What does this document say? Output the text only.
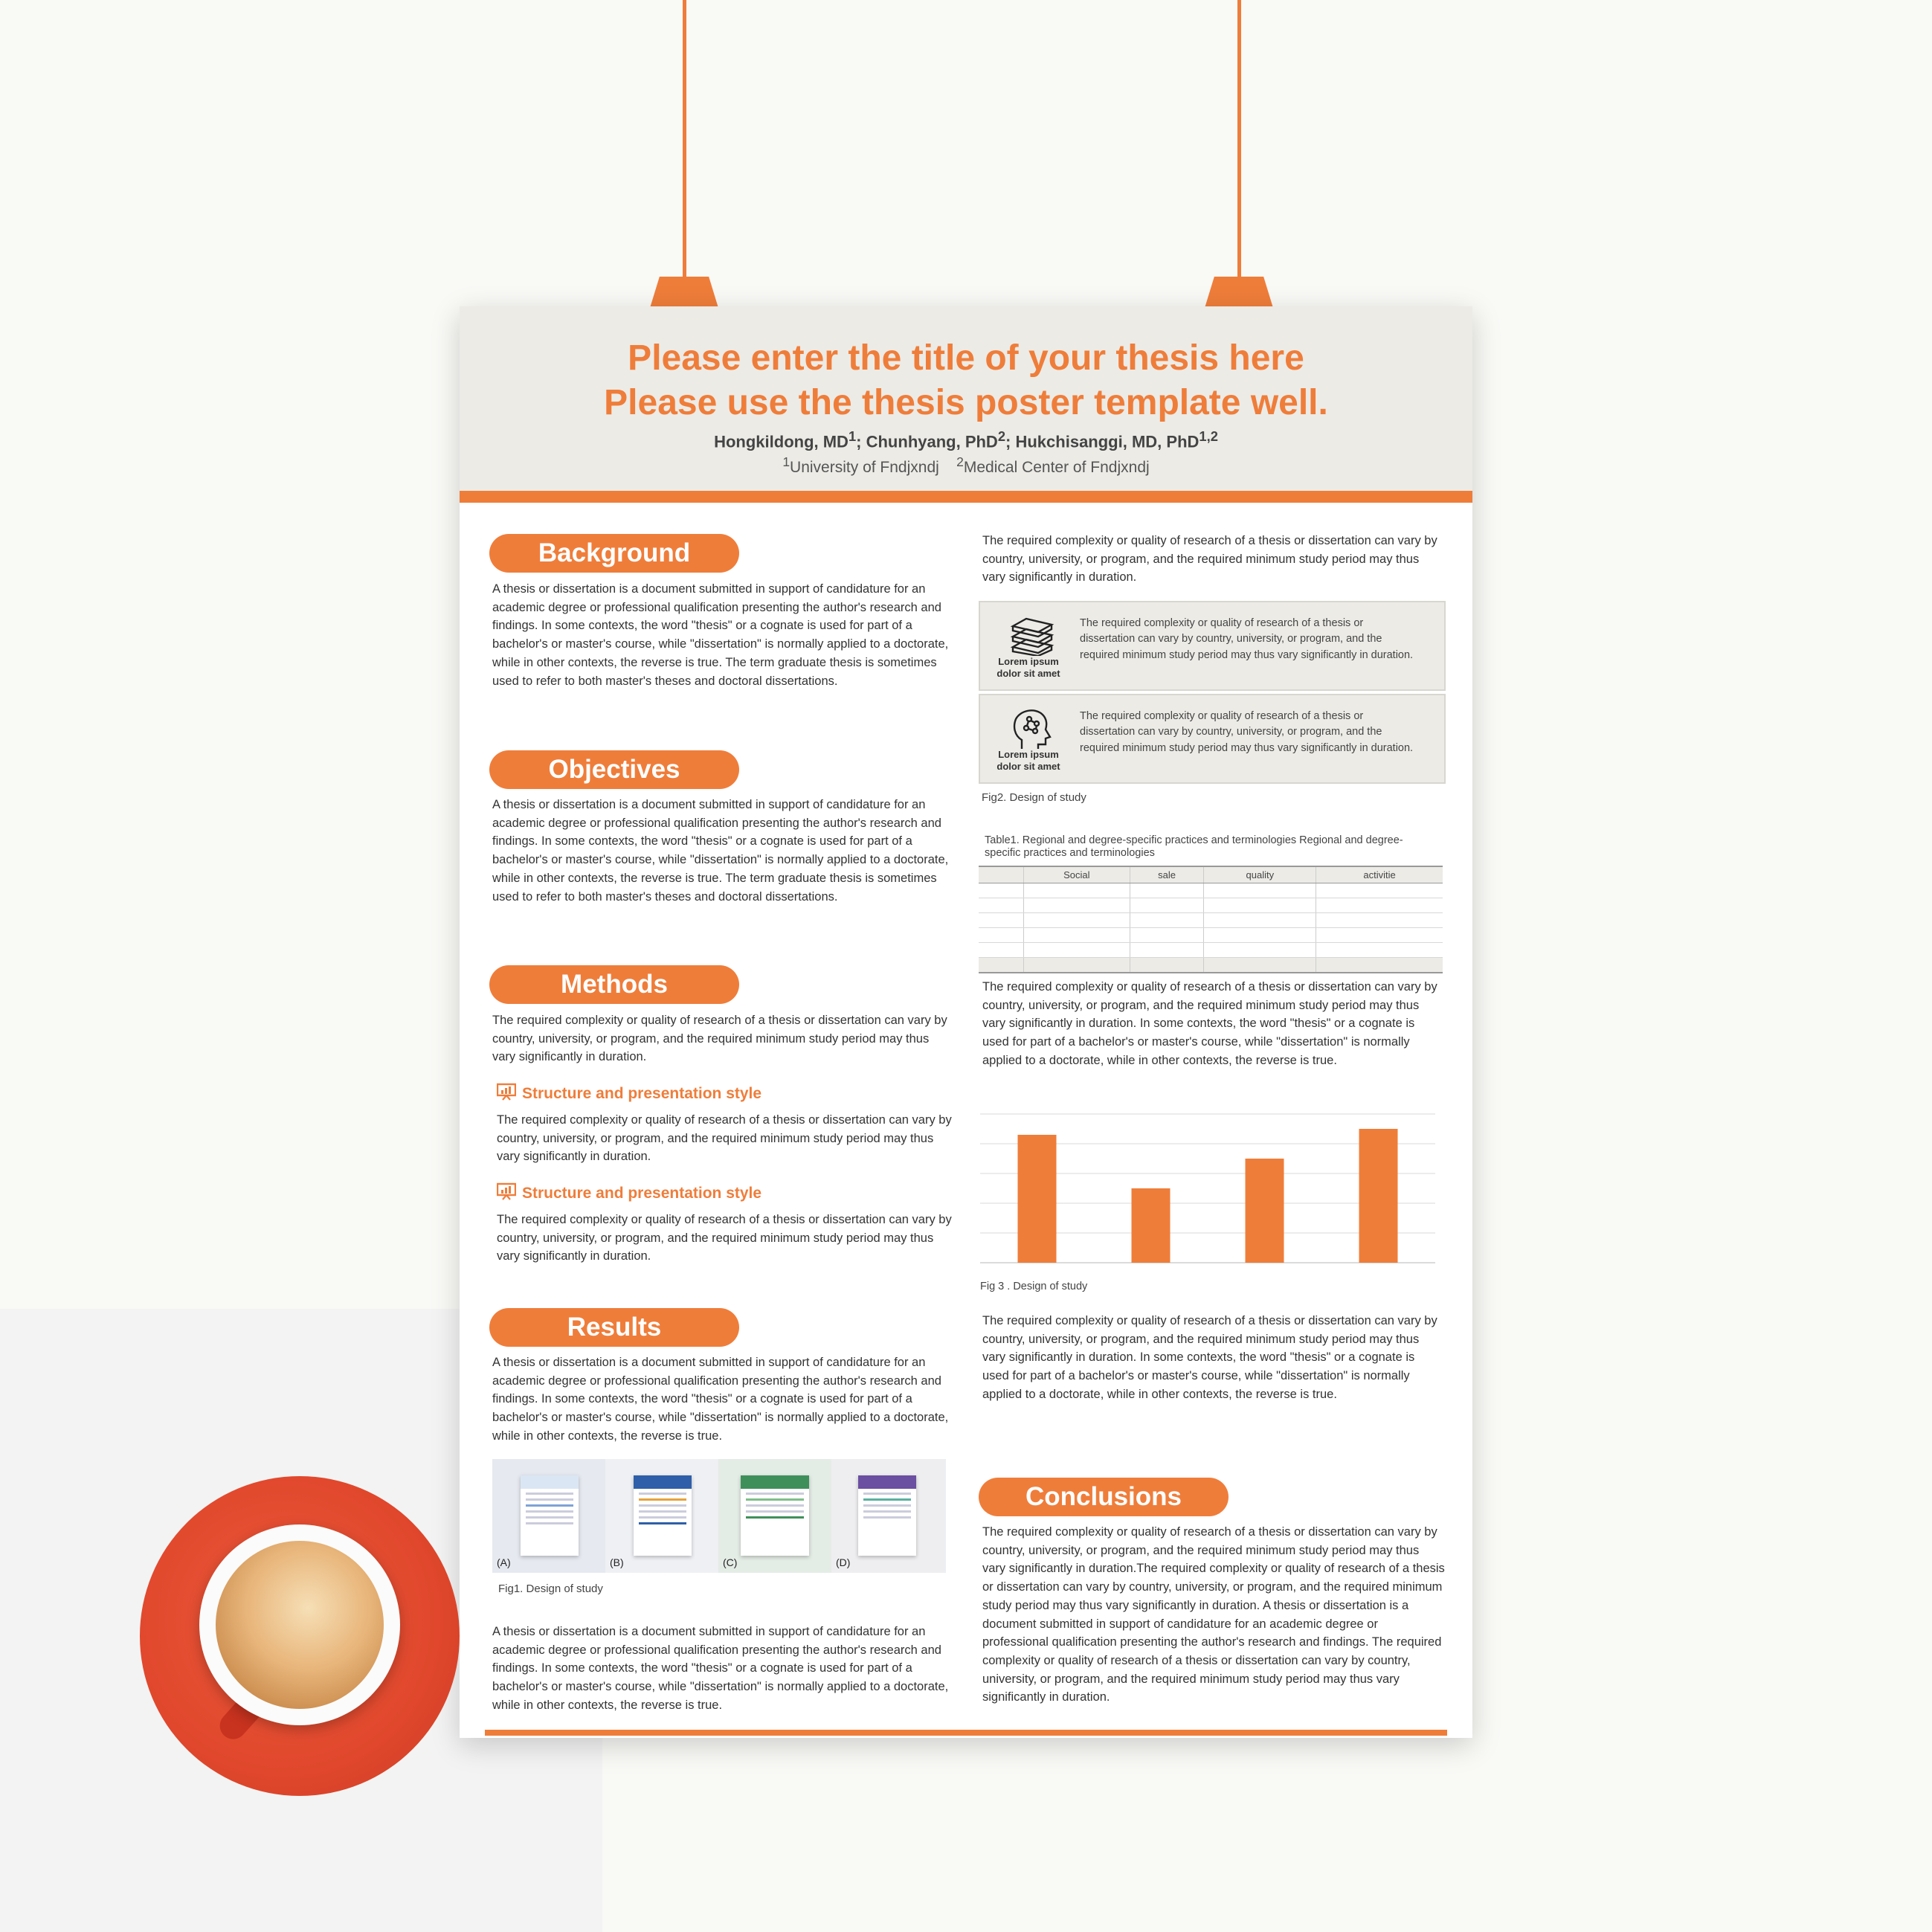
Please enter the title of your thesis here
Please use the thesis poster template well.
Hongkildong, $MD^1$; Chunhyang, PhD$^2$; Hukchisanggi, MD, PhD$^{1,2}$
$^1$University of Fndjxndj $^2$Medical Center of Fndjxndj
Background

A thesis or dissertation is a document submitted in support of candidature for an academic degree or professional qualification presenting the author's research and findings. In some contexts, the word "thesis" or a cognate is used for part of a bachelor's or master's course, while "dissertation" is normally applied to a doctorate, while in other contexts, the reverse is true. The term graduate thesis is sometimes used to refer to both master's theses and doctoral dissertations.

Objectives

A thesis or dissertation is a document submitted in support of candidature for an academic degree or professional qualification presenting the author's research and findings. In some contexts, the word "thesis" or a cognate is used for part of a bachelor's or master's course, while "dissertation" is normally applied to a doctorate, while in other contexts, the reverse is true. The term graduate thesis is sometimes used to refer to both master's theses and doctoral dissertations.

Methods

The required complexity or quality of research of a thesis or dissertation can vary by country, university, or program, and the required minimum study period may thus vary significantly in duration.

Structure and presentation style

The required complexity or quality of research of a thesis or dissertation can vary by country, university, or program, and the required minimum study period may thus vary significantly in duration.

Structure and presentation style

The required complexity or quality of research of a thesis or dissertation can vary by country, university, or program, and the required minimum study period may thus vary significantly in duration.

Results

A thesis or dissertation is a document submitted in support of candidature for an academic degree or professional qualification presenting the author's research and findings. In some contexts, the word "thesis" or a cognate is used for part of a bachelor's or master's course, while "dissertation" is normally applied to a doctorate, while in other contexts, the reverse is true.

(A)	(B)	(C)	(D)
Fig1. Design of study

A thesis or dissertation is a document submitted in support of candidature for an academic degree or professional qualification presenting the author's research and findings. In some contexts, the word "thesis" or a cognate is used for part of a bachelor's or master's course, while "dissertation" is normally applied to a doctorate, while in other contexts, the reverse is true.

The required complexity or quality of research of a thesis or dissertation can vary by country, university, or program, and the required minimum study period may thus vary significantly in duration.

Lorem ipsum dolor sit amet
The required complexity or quality of research of a thesis or dissertation can vary by country, university, or program, and the required minimum study period may thus vary significantly in duration.
Lorem ipsum dolor sit amet
The required complexity or quality of research of a thesis or dissertation can vary by country, university, or program, and the required minimum study period may thus vary significantly in duration.
Fig2. Design of study
Table1. Regional and degree-specific practices and terminologies Regional and degree-specific practices and terminologies
	Social	sale	quality	activitie

The required complexity or quality of research of a thesis or dissertation can vary by country, university, or program, and the required minimum study period may thus vary significantly in duration. In some contexts, the word "thesis" or a cognate is used for part of a bachelor's or master's course, while "dissertation" is normally applied to a doctorate, while in other contexts, the reverse is true.

Fig 3 . Design of study

The required complexity or quality of research of a thesis or dissertation can vary by country, university, or program, and the required minimum study period may thus vary significantly in duration. In some contexts, the word "thesis" or a cognate is used for part of a bachelor's or master's course, while "dissertation" is normally applied to a doctorate, while in other contexts, the reverse is true.

Conclusions

The required complexity or quality of research of a thesis or dissertation can vary by country, university, or program, and the required minimum study period may thus vary significantly in duration.The required complexity or quality of research of a thesis or dissertation can vary by country, university, or program, and the required minimum study period may thus vary significantly in duration. A thesis or dissertation is a document submitted in support of candidature for an academic degree or professional qualification presenting the author's research and findings. The required complexity or quality of research of a thesis or dissertation can vary by country, university, or program, and the required minimum study period may thus vary significantly in duration.
